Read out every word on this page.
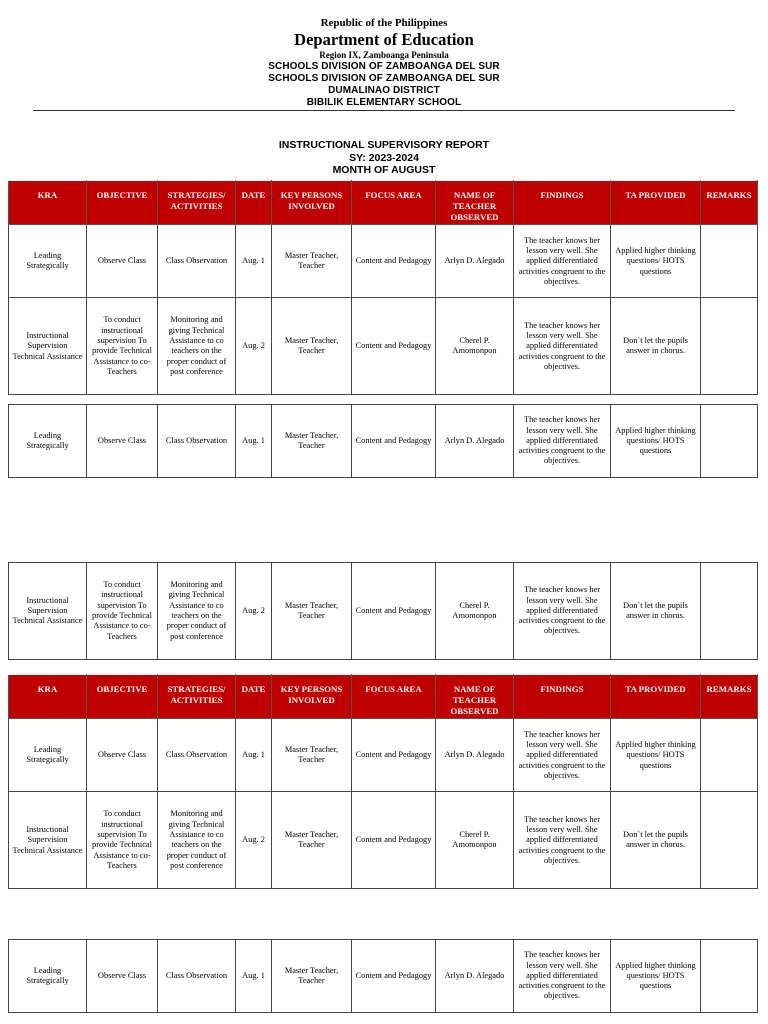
Republic of the Philippines
Department of Education
Region IX, Zamboanga Peninsula
SCHOOLS DIVISION OF ZAMBOANGA DEL SUR
SCHOOLS DIVISION OF ZAMBOANGA DEL SUR
DUMALINAO DISTRICT
BIBILIK ELEMENTARY SCHOOL
INSTRUCTIONAL SUPERVISORY REPORT
SY: 2023-2024
MONTH OF AUGUST
KRA	OBJECTIVE	STRATEGIES/ ACTIVITIES	DATE	KEY PERSONS INVOLVED	FOCUS AREA	NAME OF TEACHER OBSERVED	FINDINGS	TA PROVIDED	REMARKS
Leading Strategically	Observe Class	Class Observation	Aug. 1	Master Teacher, Teacher	Content and Pedagogy	Arlyn D. Alegado	The teacher knows her lesson very well. She applied differentiated activities congruent to the objectives.	Applied higher thinking questions/ HOTS questions	
Instructional Supervision Technical Assistance	To conduct instructional supervision To provide Technical Assistance to co-Teachers	Monitoring and giving Technical Assistance to co teachers on the proper conduct of post conference	Aug. 2	Master Teacher, Teacher	Content and Pedagogy	Cherel P. Amomonpon	The teacher knows her lesson very well. She applied differentiated activities congruent to the objectives.	Don`t let the pupils answer in chorus.	
Leading Strategically	Observe Class	Class Observation	Aug. 1	Master Teacher, Teacher	Content and Pedagogy	Arlyn D. Alegado	The teacher knows her lesson very well. She applied differentiated activities congruent to the objectives.	Applied higher thinking questions/ HOTS questions	
Instructional Supervision Technical Assistance	To conduct instructional supervision To provide Technical Assistance to co-Teachers	Monitoring and giving Technical Assistance to co teachers on the proper conduct of post conference	Aug. 2	Master Teacher, Teacher	Content and Pedagogy	Cherel P. Amomonpon	The teacher knows her lesson very well. She applied differentiated activities congruent to the objectives.	Don`t let the pupils answer in chorus.	
KRA	OBJECTIVE	STRATEGIES/ ACTIVITIES	DATE	KEY PERSONS INVOLVED	FOCUS AREA	NAME OF TEACHER OBSERVED	FINDINGS	TA PROVIDED	REMARKS
Leading Strategically	Observe Class	Class Observation	Aug. 1	Master Teacher, Teacher	Content and Pedagogy	Arlyn D. Alegado	The teacher knows her lesson very well. She applied differentiated activities congruent to the objectives.	Applied higher thinking questions/ HOTS questions	
Instructional Supervision Technical Assistance	To conduct instructional supervision To provide Technical Assistance to co-Teachers	Monitoring and giving Technical Assistance to co teachers on the proper conduct of post conference	Aug. 2	Master Teacher, Teacher	Content and Pedagogy	Cherel P. Amomonpon	The teacher knows her lesson very well. She applied differentiated activities congruent to the objectives.	Don`t let the pupils answer in chorus.	
Leading Strategically	Observe Class	Class Observation	Aug. 1	Master Teacher, Teacher	Content and Pedagogy	Arlyn D. Alegado	The teacher knows her lesson very well. She applied differentiated activities congruent to the objectives.	Applied higher thinking questions/ HOTS questions	
